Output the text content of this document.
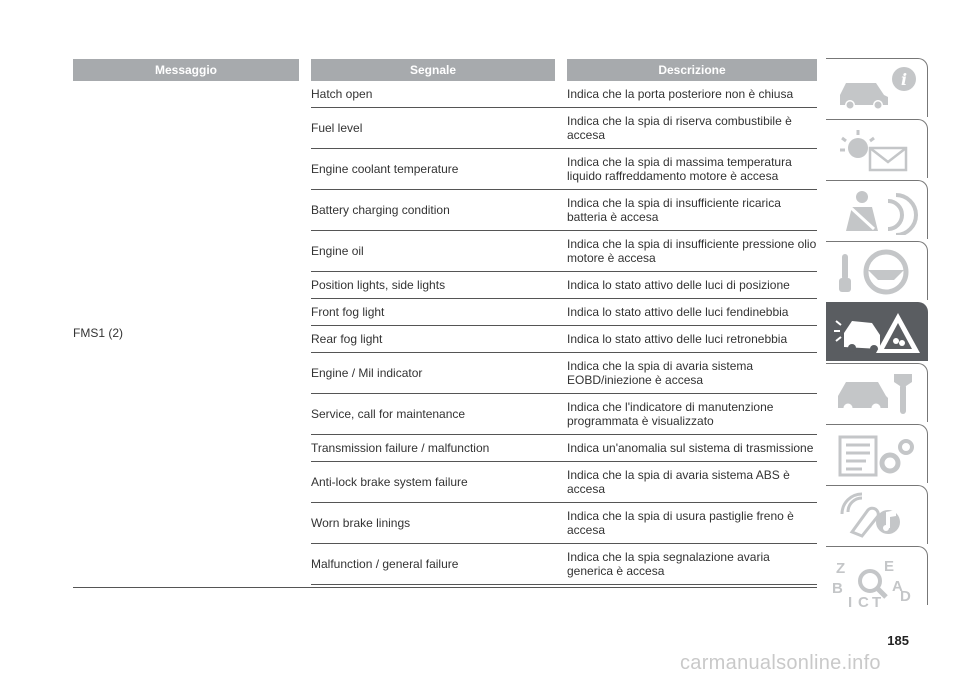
Messaggio	Segnale	Descrizione
FMS1 (2)
Hatch open	Indica che la porta posteriore non è chiusa
Fuel level	Indica che la spia di riserva combustibile è accesa
Engine coolant temperature	Indica che la spia di massima temperatura liquido raffreddamento motore è accesa
Battery charging condition	Indica che la spia di insufficiente ricarica batteria è accesa
Engine oil	Indica che la spia di insufficiente pressione olio motore è accesa
Position lights, side lights	Indica lo stato attivo delle luci di posizione
Front fog light	Indica lo stato attivo delle luci fendinebbia
Rear fog light	Indica lo stato attivo delle luci retronebbia
Engine / Mil indicator	Indica che la spia di avaria sistema EOBD/iniezione è accesa
Service, call for maintenance	Indica che l'indicatore di manutenzione programmata è visualizzato
Transmission failure / malfunction	Indica un'anomalia sul sistema di trasmissione
Anti-lock brake system failure	Indica che la spia di avaria sistema ABS è accesa
Worn brake linings	Indica che la spia di usura pastiglie freno è accesa
Malfunction / general failure	Indica che la spia segnalazione avaria generica è accesa
i
Z	E
B	A
I C T D
185
carmanualsonline.info
